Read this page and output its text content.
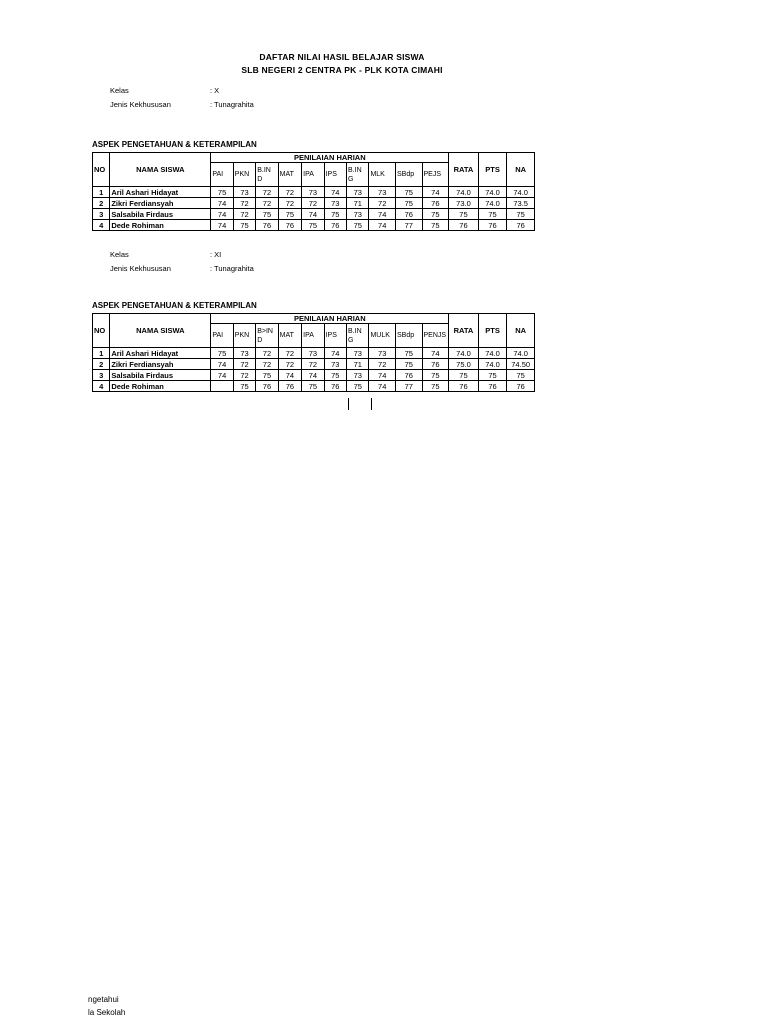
DAFTAR NILAI HASIL BELAJAR SISWA
SLB NEGERI 2 CENTRA PK - PLK KOTA CIMAHI
Kelas	: X
Jenis Kekhususan	: Tunagrahita
ASPEK PENGETAHUAN & KETERAMPILAN
NO	NAMA SISWA	PENILAIAN HARIAN										RATA	PTS	NA
		PAI	PKN	B.IN D	MAT	IPA	IPS	B.IN G	MLK	SBdp	PEJS			
1	Aril Ashari Hidayat	75	73	72	72	73	74	73	73	75	74	74.0	74.0	74.0
2	Zikri Ferdiansyah	74	72	72	72	72	73	71	72	75	76	73.0	74.0	73.5
3	Salsabila Firdaus	74	72	75	75	74	75	73	74	76	75	75	75	75
4	Dede Rohiman	74	75	76	76	75	76	75	74	77	75	76	76	76
Kelas	: XI
Jenis Kekhususan	: Tunagrahita
ASPEK PENGETAHUAN & KETERAMPILAN
NO	NAMA SISWA	PENILAIAN HARIAN										RATA	PTS	NA
		PAI	PKN	B>IN D	MAT	IPA	IPS	B.IN G	MULK	SBdp	PENJS			
1	Aril Ashari Hidayat	75	73	72	72	73	74	73	73	75	74	74.0	74.0	74.0
2	Zikri Ferdiansyah	74	72	72	72	72	73	71	72	75	76	75.0	74.0	74.50
3	Salsabila Firdaus	74	72	75	74	74	75	73	74	76	75	75	75	75
4	Dede Rohiman		75	76	76	75	76	75	74	77	75	76	76	76
ngetahui
la Sekolah
